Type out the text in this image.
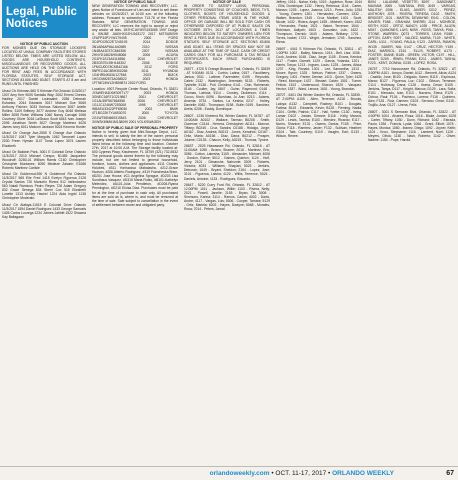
Legal, Public Notices
NOTICE OF PUBLIC AUCTION
FOR MONIES DUE ON STORAGE LOCKERS LOCATED AT UHAUL COMPANY FACILITIES STORES LISTED BELOW. TIMES ARE LISTED BELOW. ALL GOODS ARE HOUSEHOLD CONTENTS, MISCELLANEOUS OR RECOVERED GOODS. ALL AUCTIONS ARE HELD ON THE COMPANY'S LIEN FOR RENT AND FEES IN ACCORDANCE WITH FLORIDA STATUTES, SELF STORAGE ACT, SECTIONS 83.806 AND 83.807. STARTS AT 8 am and RUNS UNTIL FINISHED
Uhaul Ctr Kirkman-660 S Kirkman Rd Orlando 11/3/2017 1007 Amy Kerr 9005 Santalla Way; 2002 Ernest Cheeks Hadley; 2017 Daniel Louissaint; 2036 Deborah Eubanks; 2044 Edwards 3017 Michael Doe 5065 Anthony Palmer; 3033 Kerinca Salomon 3087 Arielle Rollins; 3109 Brittney 3077 Andrew Guy 6048 Melissa Miller 3055 Robin Williams 1060 Nancy Carvajal 1066 Courtney Oliver 3018 LaShaun Scott 6043 Ivan Joseph 2096 Jonathan Smith 3027 George Martinez 4026 James Ivory 6011 Malcom Jackson 5024 Keonna Hunter
Uhaul Ctr Orange Ave-2555 S Orange Ave Orlando 11/3/2017 1087 Tyler Margolis 1062 Tamonell Lopez 2030 Freen Hyman 1147 Tonia Lopez 3074 Lauren Elizabeth
Uhaul Ctr Baldwin Park- 4001 E Colonial Drive Orlando 11/3/2017 2010 Michael Crespo; B1455 Jacqueline Woodruff; D280-01 William Ramis C160 Christopher Cristopher Montanez; 6090 Mistieze Zalazie; E1088 Roberto Martinez Carlisle
Uhaul Ctr Goldenrod-590 N Goldenrod Rd Orlando 11/3/2017 565 Elle Fred 1415 Evelyn Figueroa 2128 Crystal Santos 720 Manuelo Rivera 512 Irahindavino 563 Natall Ramtoos Pedro Reyes 728 Adam Gregory 832 Grace Senega 834 Sherri Cox 515 Elizabeth Lunette 1313 Ashley Hackel 1224 Aida Ingrid 1138 Christopher Moderato
Uhaul Ctr Alafaya-11515 E Colonial Drive Orlando 11/3/2017 1554 Daniel Rodriguez 1433 George Samuels 1405 Carlos Lourega 1234 Jolmes Jabbitt 1522 Shawna Kay Baltagaan
NOTICE OF PUBLIC SALE
NEW GENERATION TOWING AND RECOVERY, LLC. gives Notice of Foreclosure of Lien and intent to sell these vehicles on 10/26/2017, at 10:00 a.m. at the following address. Pursuant to subsection 713.78 of the Florida Statutes. NEW GENERATION TOWING AND RECOVERY, LLC reserves the right to accept or reject any and/or all bids. 1B7HC16Y8VS153085 1997 Dodge 4. 5WJ8E JA8XHXGZHJ163172 2017 MITSUBISHI 1FAFP34P1YW179495 2000 FORD 3C4PDCBG2ET245193 2014 DODGE 3N1AB6AP8AL640985 2010 NISSAN 1N4BA41E37C846356 2007 NISSAN 2HNYD18626H548066 2006 ACURA 2G1FK1EJ3A9116556 2010 CHEVROLET 2B3CB7EL95H148302 2008 DODGE 1FMCU0D78CKB42166 2012 FORD 5NPEC4AC8BH300268 2011 HYUNDAI 1G4HR54K83U127548 2003 BUICK 1HGCM82673A038522 2003 HONDA 1FTNE24W12HB59874 2002 FORD
Location: 4907 Recycle Center Road, Orlando, FL 32821 JYAWEHADXMS09T177 2003 HONDA 3GNEC16R71G219867 2001 CHEVROLET 1G1AL55F567664558 2006 CHEVROLET 1G1JC1246W7253008 1998 CHEVROLET WBAEU33422PF89030 2002 BMW 4T1BG22K7YU653070 2000 TOYOTA 2G1WT55N669315543 2006 CHEVROLET 3VWSK69M61M138099 2001 VOLKSWAGEN
NOTICE OF PUBLIC SALE OF PERSONAL PROPERTY
Notice is hereby given that Mini-Storage Depot, LLC. intends to sell, to satisfy the lien of the owner, personal property described below belonging to those individuals listed below at the following time and location. October 27th, 2017 at 10:00 A.M. The Storage facility located at: 600 Cypress Pkwy, Kissimmee, FL 34759 (321) 732-5532 The personal goods stored therein by the following may include, but are not limited to general household, furniture, boxes, clothes and appliances. #111 Charles Holubek, #311 Yonhacksa Mabalasha, #212-Grace Hudson, #206 Alberto Rodriguez, #319 Francheska Brice, #D201 Jose House, #C1 Angelina Sprague, #D203 Lisa Sundhaus Vasquez, #D315 Maria Rubio, #B101-Kathelyn Melendez, #A101-Julia Pendleton, #D208-Ryana Pennington, #D210 Eloisa Diaz. Purchases must be paid for at the time of purchase in cash only. All purchased items are sold as is, where is, and must be removed at the time of sale. Sale subject to cancellation in the event of settlement between owner and obligated party.
NOTICE OF SALE
IN ORDER TO SATISFY LIENS, PERSONAL PROPERTY CONSISTING OF COUCHES, BEDS, TV'S, CLOTHES, BOXES OF HOUSEHOLD GOODS & OTHER PERSONAL ITEMS USED IN THE HOME, OFFICE OR GARAGE WILL BE SOLD FOR CASH OR OTHERWISE DISPOSED OF AT PUBLIC SALES ON OCTOBER 25TH, 2017 AT LOCATIONS & TIMES INDICATED BELOW TO SATISFY OWNERS LIEN FOR RENT & FEES DUE IN ACCORDANCE WITH FLORIDA STATUES: SELF STORAGE ACT, SECTIONS 83.806 AND 83.807. ALL ITEMS OR SPACES MAY NOT BE AVAILABLE AT THE TIME OF SALE. CASH OR CREDIT CARDS ONLY FOR ALL PURCHASE & TAX RESALE CERTIFICATES. EACH SPACE PURCHASED IS REQUIRED.
2857T - 4720 S Orange Blossom Trail, Orlando, FL 32839 - AT 9:00AM: 0131 - Corbin, Latina; 0157 - Faudiberry, Janica; 0311 - Latimer, Fazerdeen; 0195 - Reynolds, Caleb; 2132 - Washington, Jeremiah; 5133 - Roberts, Tyshelle; 5138 - Poit, Christina; 0141 - Chin, Rahmmah; 0146 - Coulter, Jay; 0847 - Guinn, Raymond; 0148 - Thomas, Latricia; 5114 - Crosley, Dickerson; 0114 - Cocco, Kirsh; 0096 - Burshaw, Jo Ann; 0213 - Adams, Arsenia; 0734 - Santos, La Keshia; 0217 - Holley, Danielle; 0082 - Thompson; 0158 - Bulle; 0195 - Sanchez, Arelis; 0208 - Eaddy, Dominique.
2860T - 1236 Vinelend Rd, Winter Garden, FL 34787 - AT 10:00AM: A0102 - Wallace, Tarmac; B0208 - Smith, Clarence; C0144 - Herrera, Christopher; A0111 - Monroe, Tiffany; B0245 - Cruz, Sandra; C0188 - Hidalgo, Jorge; A0110 - Diaz, Andrea; B0213 - Jones, Kendrick; C0167 - Ortiz, Maria; A0156 - Diaz, Dana; B0212 - Prosper, Jolaine; C0135 - Chacon, Kelly; A0215 - Thomas, Tyrone.
2863T - 2525 Hiawassee Rd, Orlando, FL 32818 - AT 11:00AM: 1055 - Brown, Sharee; 2018 - Martinez, Eric; 3056 - Cotton, Lakesha; 3105 - Alexander, Michael; 4006 - Gordon, Elaine; 5012 - Gaines, Quinton; 1124 - Huff, Jerry; 2101 - Dimanche, Nahomie; 3209 - Roberts, Victoria; 4033 - Williams, Shaylan; 5023 - Jenkins, Deborah; 1049 - Bryant, Sheldon; 2164 - Lopez, Jose; 3101 - Figueroa, Laisha; 4120 - Willis, Terrence; 5024 - Daniels, Antoine; 1133 - Rodriguez, Eduardo.
2864T - 5220 Curry Ford Rd, Orlando, FL 32812 - AT 12:00PM: 1011 - Jackson, Willie; 1103 - Rivera, Nelly; 2021 - Powell, Janelle; 2155 - Bryan, Tia; 3008 - Simmons, Karina; 3114 - Ramos, Carlos; 4002 - Davis, Andre; 4117 - Vargas, Luis; 5006 - Cooper, Tamara; 5129 - Ortiz, Mariela; 6003 - Hayes, Dwayne; 6088 - Morales, Rosa; 7014 - Peters, Jamal.
Jeffrey; 1016 - Nahar, Kelly; 1019 - Appleton, Rose; 1044 - Ellis, Dominique; 1132 - Henry, Rebecca; 1144 - Carter, Marcus; 1205 - Lopez, Joanna; 1213 - Perez, Julio; 1254 - Young, Darren; 1301 - Hernandez, Carmen; 1332 - Walker, Brandon; 1345 - Cruz, Maribel; 1401 - Scott, Nicole; 1432 - Rivera, Angel; 1455 - Mitchell, Karen; 1502 - Fernandez, Paola; 1521 - Baker, Terrence; 1544 - Robinson, Aaliyah; 1603 - Gonzalez, Luis; 1622 - Thompson, Derrick; 1643 - Adams, Brittany; 1701 - Torres, Isabel; 1723 - Wright, Jermaine; 1745 - Sanchez, Elena.
2869T - 4441 S Kirkman Rd, Orlando, FL 32811 - AT 1:00PM: 1002 - Bailey, Marcus; 1014 - Bell, Lisa; 1036 - Cook, Andrea; 1048 - Diaz, Jorge; 1105 - Evans, Kendra; 1117 - Foster, Darnell; 1129 - Garcia, Yolanda; 1201 - Harris, Tonya; 1213 - Ingram, Louis; 1225 - James, Alicia; 1237 - King, Ronald; 1301 - Lee, Samantha; 1313 - Moore, Byron; 1325 - Nelson, Patrice; 1337 - Owens, Gregory; 1401 - Parker, Denise; 1413 - Quinn, Tyler; 1425 - Reed, Monique; 1437 - Stewart, Calvin; 1501 - Turner, Felicia; 1513 - Underwood, Sharon; 1525 - Vasquez, Hector; 1537 - Ward, Lenora; 1601 - Young, Brandon.
2870T - 6401 Old Winter Garden Rd, Orlando, FL 32835 - AT 2:00PM: A105 - Allen, Terrence; A118 - Brooks, Latoya; A132 - Campbell, Rodney; B101 - Douglas, Fatima; B115 - Edwards, Kevin; B128 - Fleming, Nadia; C104 - Griffin, Patrick; C117 - Hall, Yvette; C130 - Irving, Lamar; D102 - Jordan, Simone; D116 - Kelly, Marcus; D129 - Lewis, Tamika; E103 - Mendez, Ricardo; E117 - Norris, Shanice; E131 - Owens, Darius; F105 - Price, Gloria; F118 - Ramirez, Javier; F132 - Sullivan, Heather; G104 - Tate, Courtney; G119 - Vaughn, Earl; G133 - Wilson, Renee.
B094 - LALANNE, VEDETTE; B097 - GABONNET, MAXIAM; J065 - SANTANA, IRIS; J049 - VARGAS, MALITAY; J056 - ELIAS, JAVIER; C012 - PEREZ, ANTHONY; J078 - RIVERA, TERESA; D102 - SMITH, BRIDGET; J101 - MARTIN, DEWAYNE; E041 - COLON, XAVIER; F088 - GRAHAM, SHERRI; J114 - MONROE, KEITH; K022 - ORTIZ, NANCY; L035 - PRICE, ALLEN; M047 - QUINONES, LUIS; N059 - ROSS, TANYA; P061 - STONE, WARREN; Q073 - TORRES, LEAH; R085 - UPTON, GARY; S097 - VALDEZ, MARIA; T109 - WHITE, CARL; U111 - YOUNG, PAULA; V123 - ZAPATA, RAMON; W135 - BAKER, NIA; X147 - CRUZ, HECTOR; Y159 - DIAZ, MARISOL; Z161 - ELLIS, ROBERT; A173 - FOSTER, DIANE; B185 - GREEN, VICTOR; C197 - HILL, JANET; D209 - IRWIN, FRANK; E211 - JAMES, TASHA; F223 - KENT, DONNA; G235 - LOPEZ, ROSA.
2875T - 7710 Narcoossee Rd, Orlando, FL 32822 - AT 3:00PM: A101 - Arroyo, Daniel; A112 - Bennett, Alicia; A124 - Castillo, Jose; B103 - Delgado, Karen; B115 - Espinoza, Marco; B127 - Figueroa, Luz; C102 - Gibson, Terrance; C114 - Holloway, Dana; C126 - Ibarra, Cesar; D105 - Jenkins, Tanya; D117 - Knight, Marcus; D129 - Lara, Sofia; E101 - Mercado, Ivan; E113 - Navarro, Elena; E125 - Ochoa, Raul; F104 - Pacheco, Lorena; F116 - Quintero, Alex; F128 - Ruiz, Carmen; G103 - Serrano, Omar; G115 - Trujillo, Ana; G127 - Urena, Felix.
2880T - 3001 S Semoran Blvd, Orlando, FL 32822 - AT 4:00PM: 1004 - Alvarez, Rosa; 1016 - Blake, Jordan; 1028 - Carter, Tiffany; 1030 - Dunn, Richard; 1042 - Estrada, Paulo; 1054 - Francis, Lydia; 1066 - Grant, Elliott; 1078 - Hayes, Monica; 1080 - Ibanez, Diego; 1092 - Joyner, Keith; 1104 - Knox, Stephanie; 1116 - Lambert, Noel; 1128 - Meyers, Olivia; 1130 - Nash, Roberto; 1142 - Oliver, Nadine; 1154 - Pope, Harold.
orlandoweekly.com • OCT. 11-17, 2017 • ORLANDO WEEKLY	67
